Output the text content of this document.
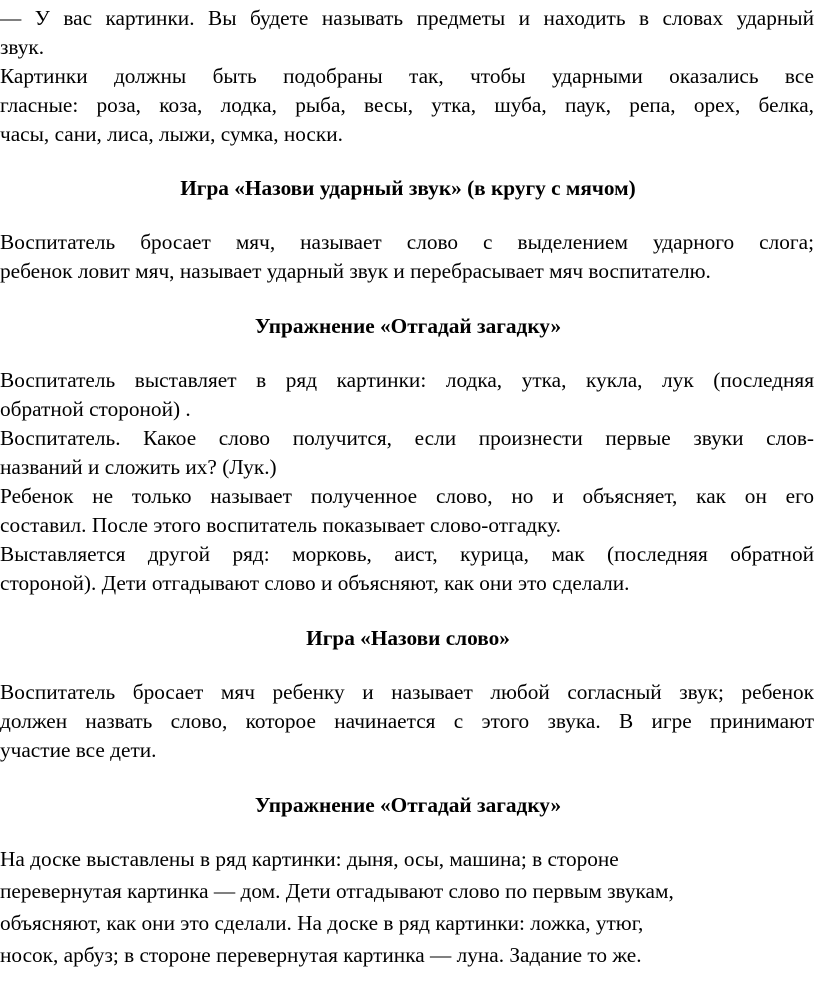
— У вас картинки. Вы будете называть предметы и находить в словах ударный

звук.

Картинки должны быть подобраны так, чтобы ударными оказались все

гласные: роза, коза, лодка, рыба, весы, утка, шуба, паук, репа, орех, белка,

часы, сани, лиса, лыжи, сумка, носки.

Игра «Назови ударный звук» (в кругу с мячом)

Воспитатель бросает мяч, называет слово с выделением ударного слога;

ребенок ловит мяч, называет ударный звук и перебрасывает мяч воспитателю.

Упражнение «Отгадай загадку»

Воспитатель выставляет в ряд картинки: лодка, утка, кукла, лук (последняя

обратной стороной) .

Воспитатель. Какое слово получится, если произнести первые звуки слов-

названий и сложить их? (Лук.)

Ребенок не только называет полученное слово, но и объясняет, как он его

составил. После этого воспитатель показывает слово-отгадку.

Выставляется другой ряд: морковь, аист, курица, мак (последняя обратной

стороной). Дети отгадывают слово и объясняют, как они это сделали.

Игра «Назови слово»

Воспитатель бросает мяч ребенку и называет любой согласный звук; ребенок

должен назвать слово, которое начинается с этого звука. В игре принимают

участие все дети.

Упражнение «Отгадай загадку»

На доске выставлены в ряд картинки: дыня, осы, машина; в стороне

перевернутая картинка — дом. Дети отгадывают слово по первым звукам,

объясняют, как они это сделали. На доске в ряд картинки: ложка, утюг,

носок, арбуз; в стороне перевернутая картинка — луна. Задание то же.
